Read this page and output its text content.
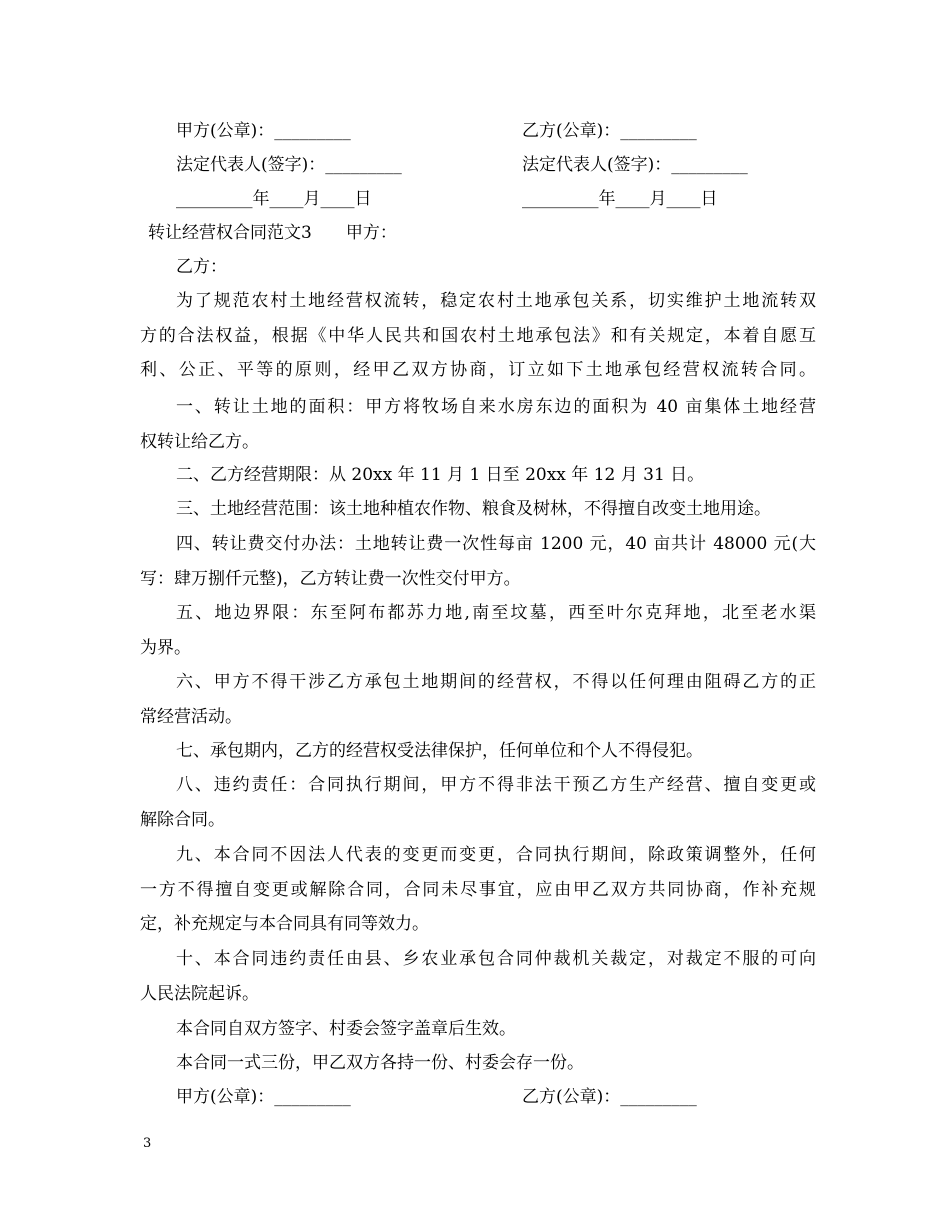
甲方(公章)：_________	乙方(公章)：_________
法定代表人(签字)：_________	法定代表人(签字)：_________
_________年____月____日	_________年____月____日
转让经营权合同范文3 甲方：
乙方：
为了规范农村土地经营权流转，稳定农村土地承包关系，切实维护土地流转双
方的合法权益，根据《中华人民共和国农村土地承包法》和有关规定，本着自愿互
利、公正、平等的原则，经甲乙双方协商，订立如下土地承包经营权流转合同。
一、转让土地的面积：甲方将牧场自来水房东边的面积为 40 亩集体土地经营
权转让给乙方。
二、乙方经营期限：从 20xx 年 11 月 1 日至 20xx 年 12 月 31 日。
三、土地经营范围：该土地种植农作物、粮食及树林，不得擅自改变土地用途。
四、转让费交付办法：土地转让费一次性每亩 1200 元，40 亩共计 48000 元(大
写：肆万捌仟元整)，乙方转让费一次性交付甲方。
五、地边界限：东至阿布都苏力地,南至坟墓，西至叶尔克拜地，北至老水渠
为界。
六、甲方不得干涉乙方承包土地期间的经营权，不得以任何理由阻碍乙方的正
常经营活动。
七、承包期内，乙方的经营权受法律保护，任何单位和个人不得侵犯。
八、违约责任：合同执行期间，甲方不得非法干预乙方生产经营、擅自变更或
解除合同。
九、本合同不因法人代表的变更而变更，合同执行期间，除政策调整外，任何
一方不得擅自变更或解除合同，合同未尽事宜，应由甲乙双方共同协商，作补充规
定，补充规定与本合同具有同等效力。
十、本合同违约责任由县、乡农业承包合同仲裁机关裁定，对裁定不服的可向
人民法院起诉。
本合同自双方签字、村委会签字盖章后生效。
本合同一式三份，甲乙双方各持一份、村委会存一份。
甲方(公章)：_________	乙方(公章)：_________
3
